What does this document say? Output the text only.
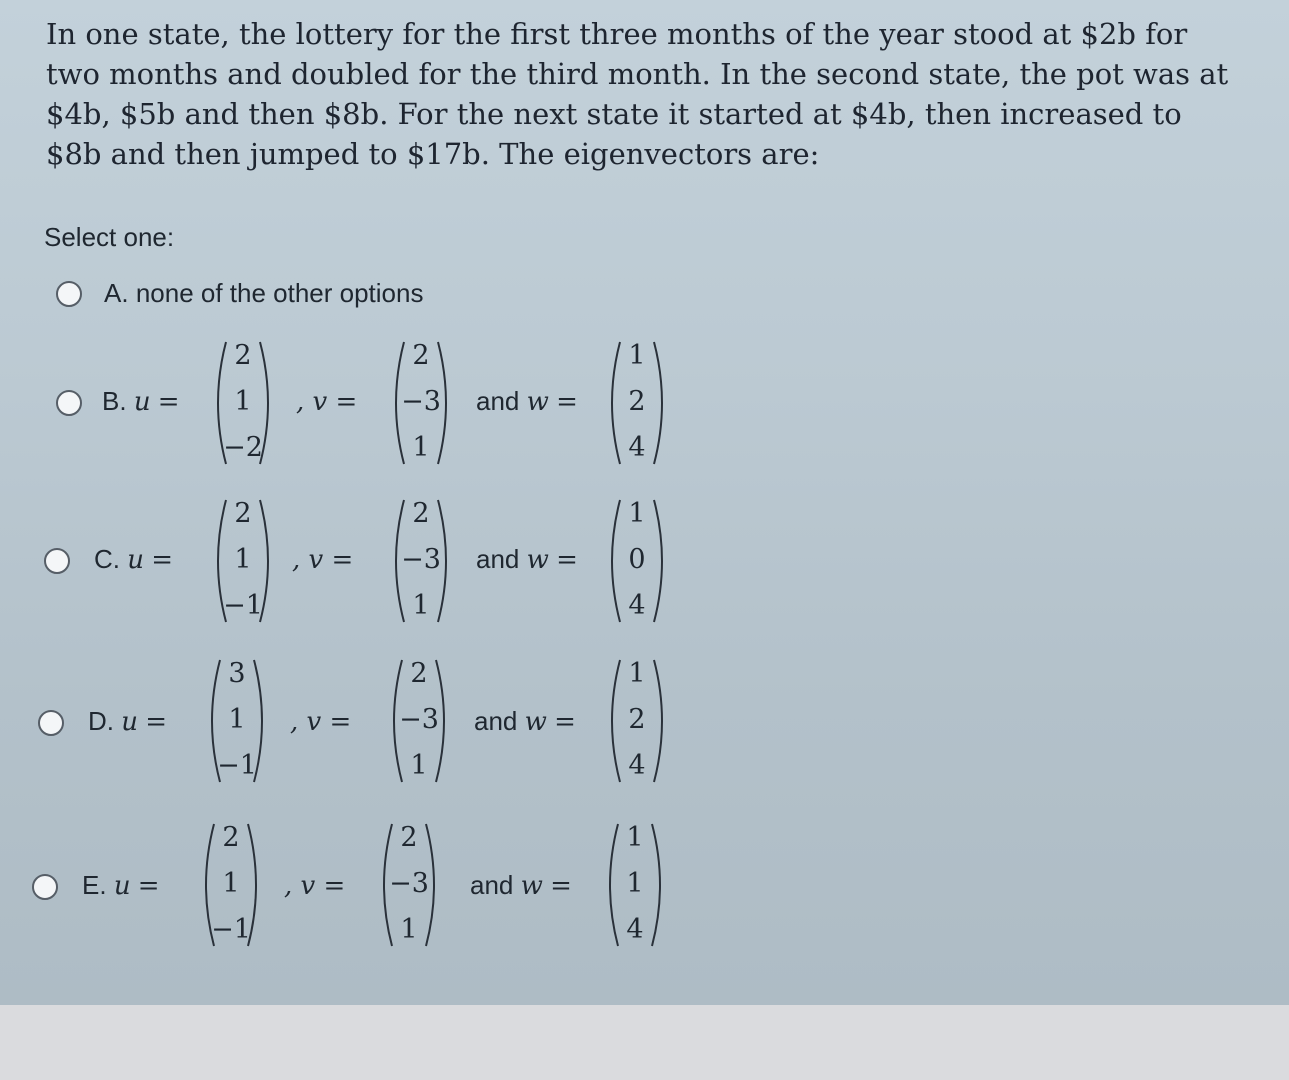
In one state, the lottery for the first three months of the year stood at $2b for two months and doubled for the third month. In the second state, the pot was at $4b, $5b and then $8b. For the next state it started at $4b, then increased to $8b and then jumped to $17b. The eigenvectors are:

Select one:
A. none of the other options
B. u =
2
1
−2
, v =
2
−3
1
and w =
1
2
4
C. u =
2
1
−1
, v =
2
−3
1
and w =
1
0
4
D. u =
3
1
−1
, v =
2
−3
1
and w =
1
2
4
E. u =
2
1
−1
, v =
2
−3
1
and w =
1
1
4
